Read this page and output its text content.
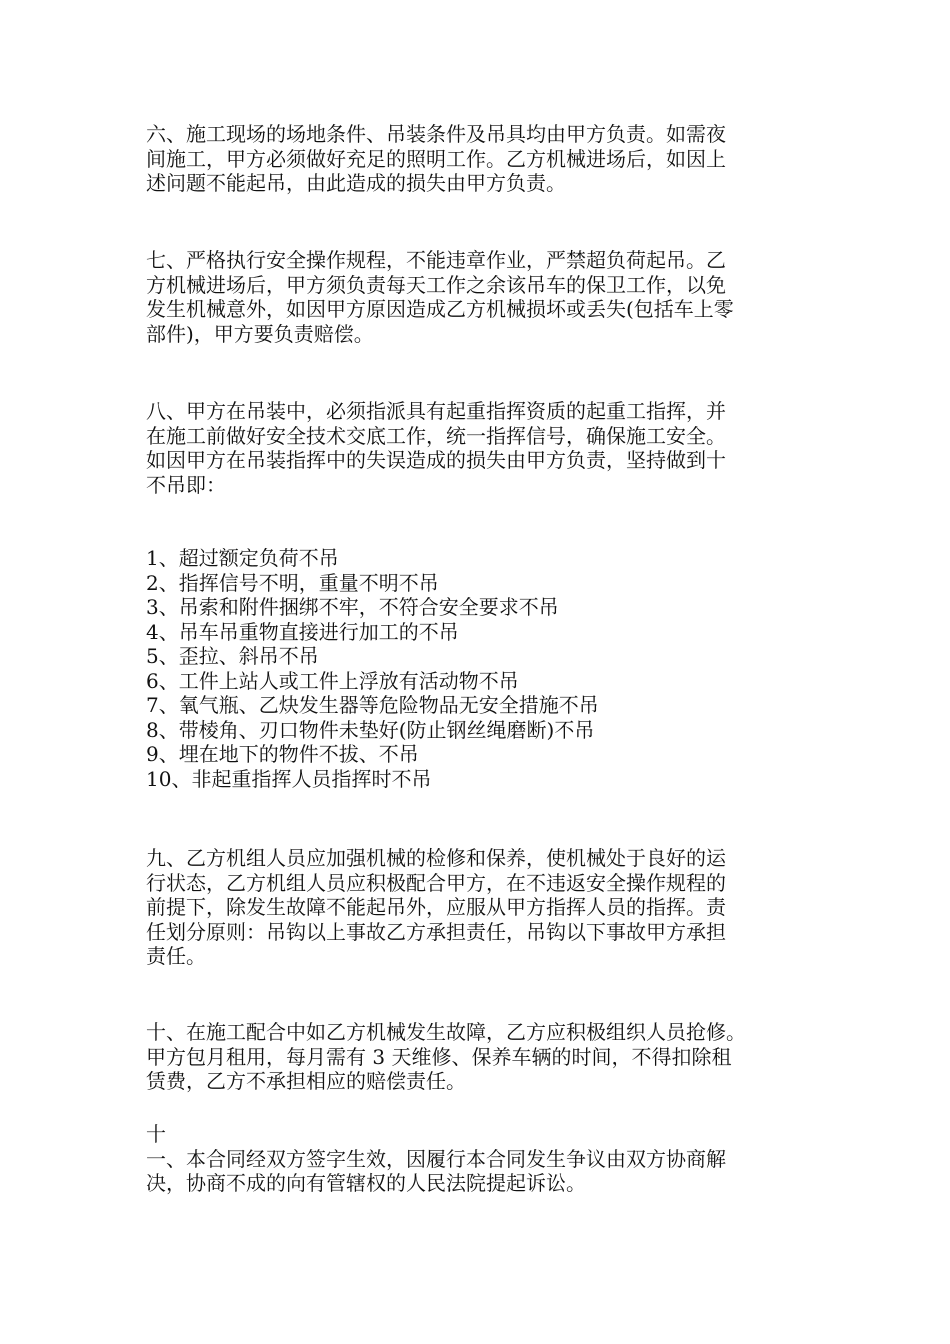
六、施工现场的场地条件、吊装条件及吊具均由甲方负责。如需夜
间施工，甲方必须做好充足的照明工作。乙方机械进场后，如因上
述问题不能起吊，由此造成的损失由甲方负责。

七、严格执行安全操作规程，不能违章作业，严禁超负荷起吊。乙
方机械进场后，甲方须负责每天工作之余该吊车的保卫工作，以免
发生机械意外，如因甲方原因造成乙方机械损坏或丢失(包括车上零
部件)，甲方要负责赔偿。

八、甲方在吊装中，必须指派具有起重指挥资质的起重工指挥，并
在施工前做好安全技术交底工作，统一指挥信号，确保施工安全。
如因甲方在吊装指挥中的失误造成的损失由甲方负责，坚持做到十
不吊即：

1、超过额定负荷不吊
2、指挥信号不明，重量不明不吊
3、吊索和附件捆绑不牢，不符合安全要求不吊
4、吊车吊重物直接进行加工的不吊
5、歪拉、斜吊不吊
6、工件上站人或工件上浮放有活动物不吊
7、氧气瓶、乙炔发生器等危险物品无安全措施不吊
8、带棱角、刃口物件未垫好(防止钢丝绳磨断)不吊
9、埋在地下的物件不拔、不吊
10、非起重指挥人员指挥时不吊

九、乙方机组人员应加强机械的检修和保养，使机械处于良好的运
行状态，乙方机组人员应积极配合甲方，在不违返安全操作规程的
前提下，除发生故障不能起吊外，应服从甲方指挥人员的指挥。责
任划分原则：吊钩以上事故乙方承担责任，吊钩以下事故甲方承担
责任。

十、在施工配合中如乙方机械发生故障，乙方应积极组织人员抢修。
甲方包月租用，每月需有 3 天维修、保养车辆的时间，不得扣除租
赁费，乙方不承担相应的赔偿责任。

十
一、本合同经双方签字生效，因履行本合同发生争议由双方协商解
决，协商不成的向有管辖权的人民法院提起诉讼。
